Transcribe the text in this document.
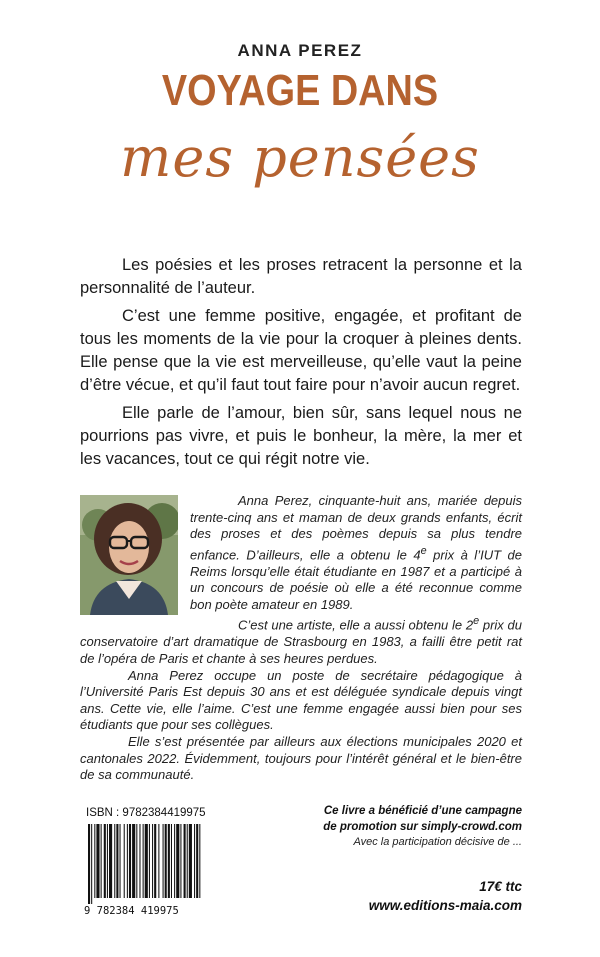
ANNA PEREZ
VOYAGE DANS
mes pensées

Les poésies et les proses retracent la personne et la personnalité de l’auteur.

C’est une femme positive, engagée, et profitant de tous les moments de la vie pour la croquer à pleines dents. Elle pense que la vie est merveilleuse, qu’elle vaut la peine d’être vécue, et qu’il faut tout faire pour n’avoir aucun regret.

Elle parle de l’amour, bien sûr, sans lequel nous ne pourrions pas vivre, et puis le bonheur, la mère, la mer et les vacances, tout ce qui régit notre vie.

Anna Perez, cinquante-huit ans, mariée depuis trente-cinq ans et maman de deux grands enfants, écrit des proses et des poèmes depuis sa plus tendre enfance. D’ailleurs, elle a obtenu le 4e prix à l’IUT de Reims lorsqu’elle était étudiante en 1987 et a participé à un concours de poésie où elle a été reconnue comme bon poète amateur en 1989.

C’est une artiste, elle a aussi obtenu le 2e prix du conservatoire d’art dramatique de Strasbourg en 1983, a failli être petit rat de l’opéra de Paris et chante à ses heures perdues.

Anna Perez occupe un poste de secrétaire pédagogique à l’Université Paris Est depuis 30 ans et est déléguée syndicale depuis vingt ans. Cette vie, elle l’aime. C’est une femme engagée aussi bien pour ses étudiants que pour ses collègues.

Elle s’est présentée par ailleurs aux élections municipales 2020 et cantonales 2022. Évidemment, toujours pour l’intérêt général et le bien-être de sa communauté.

ISBN : 9782384419975
9 782384 419975
Ce livre a bénéficié d’une campagne
de promotion sur simply-crowd.com
Avec la participation décisive de ...
17€ ttc
www.editions-maia.com
